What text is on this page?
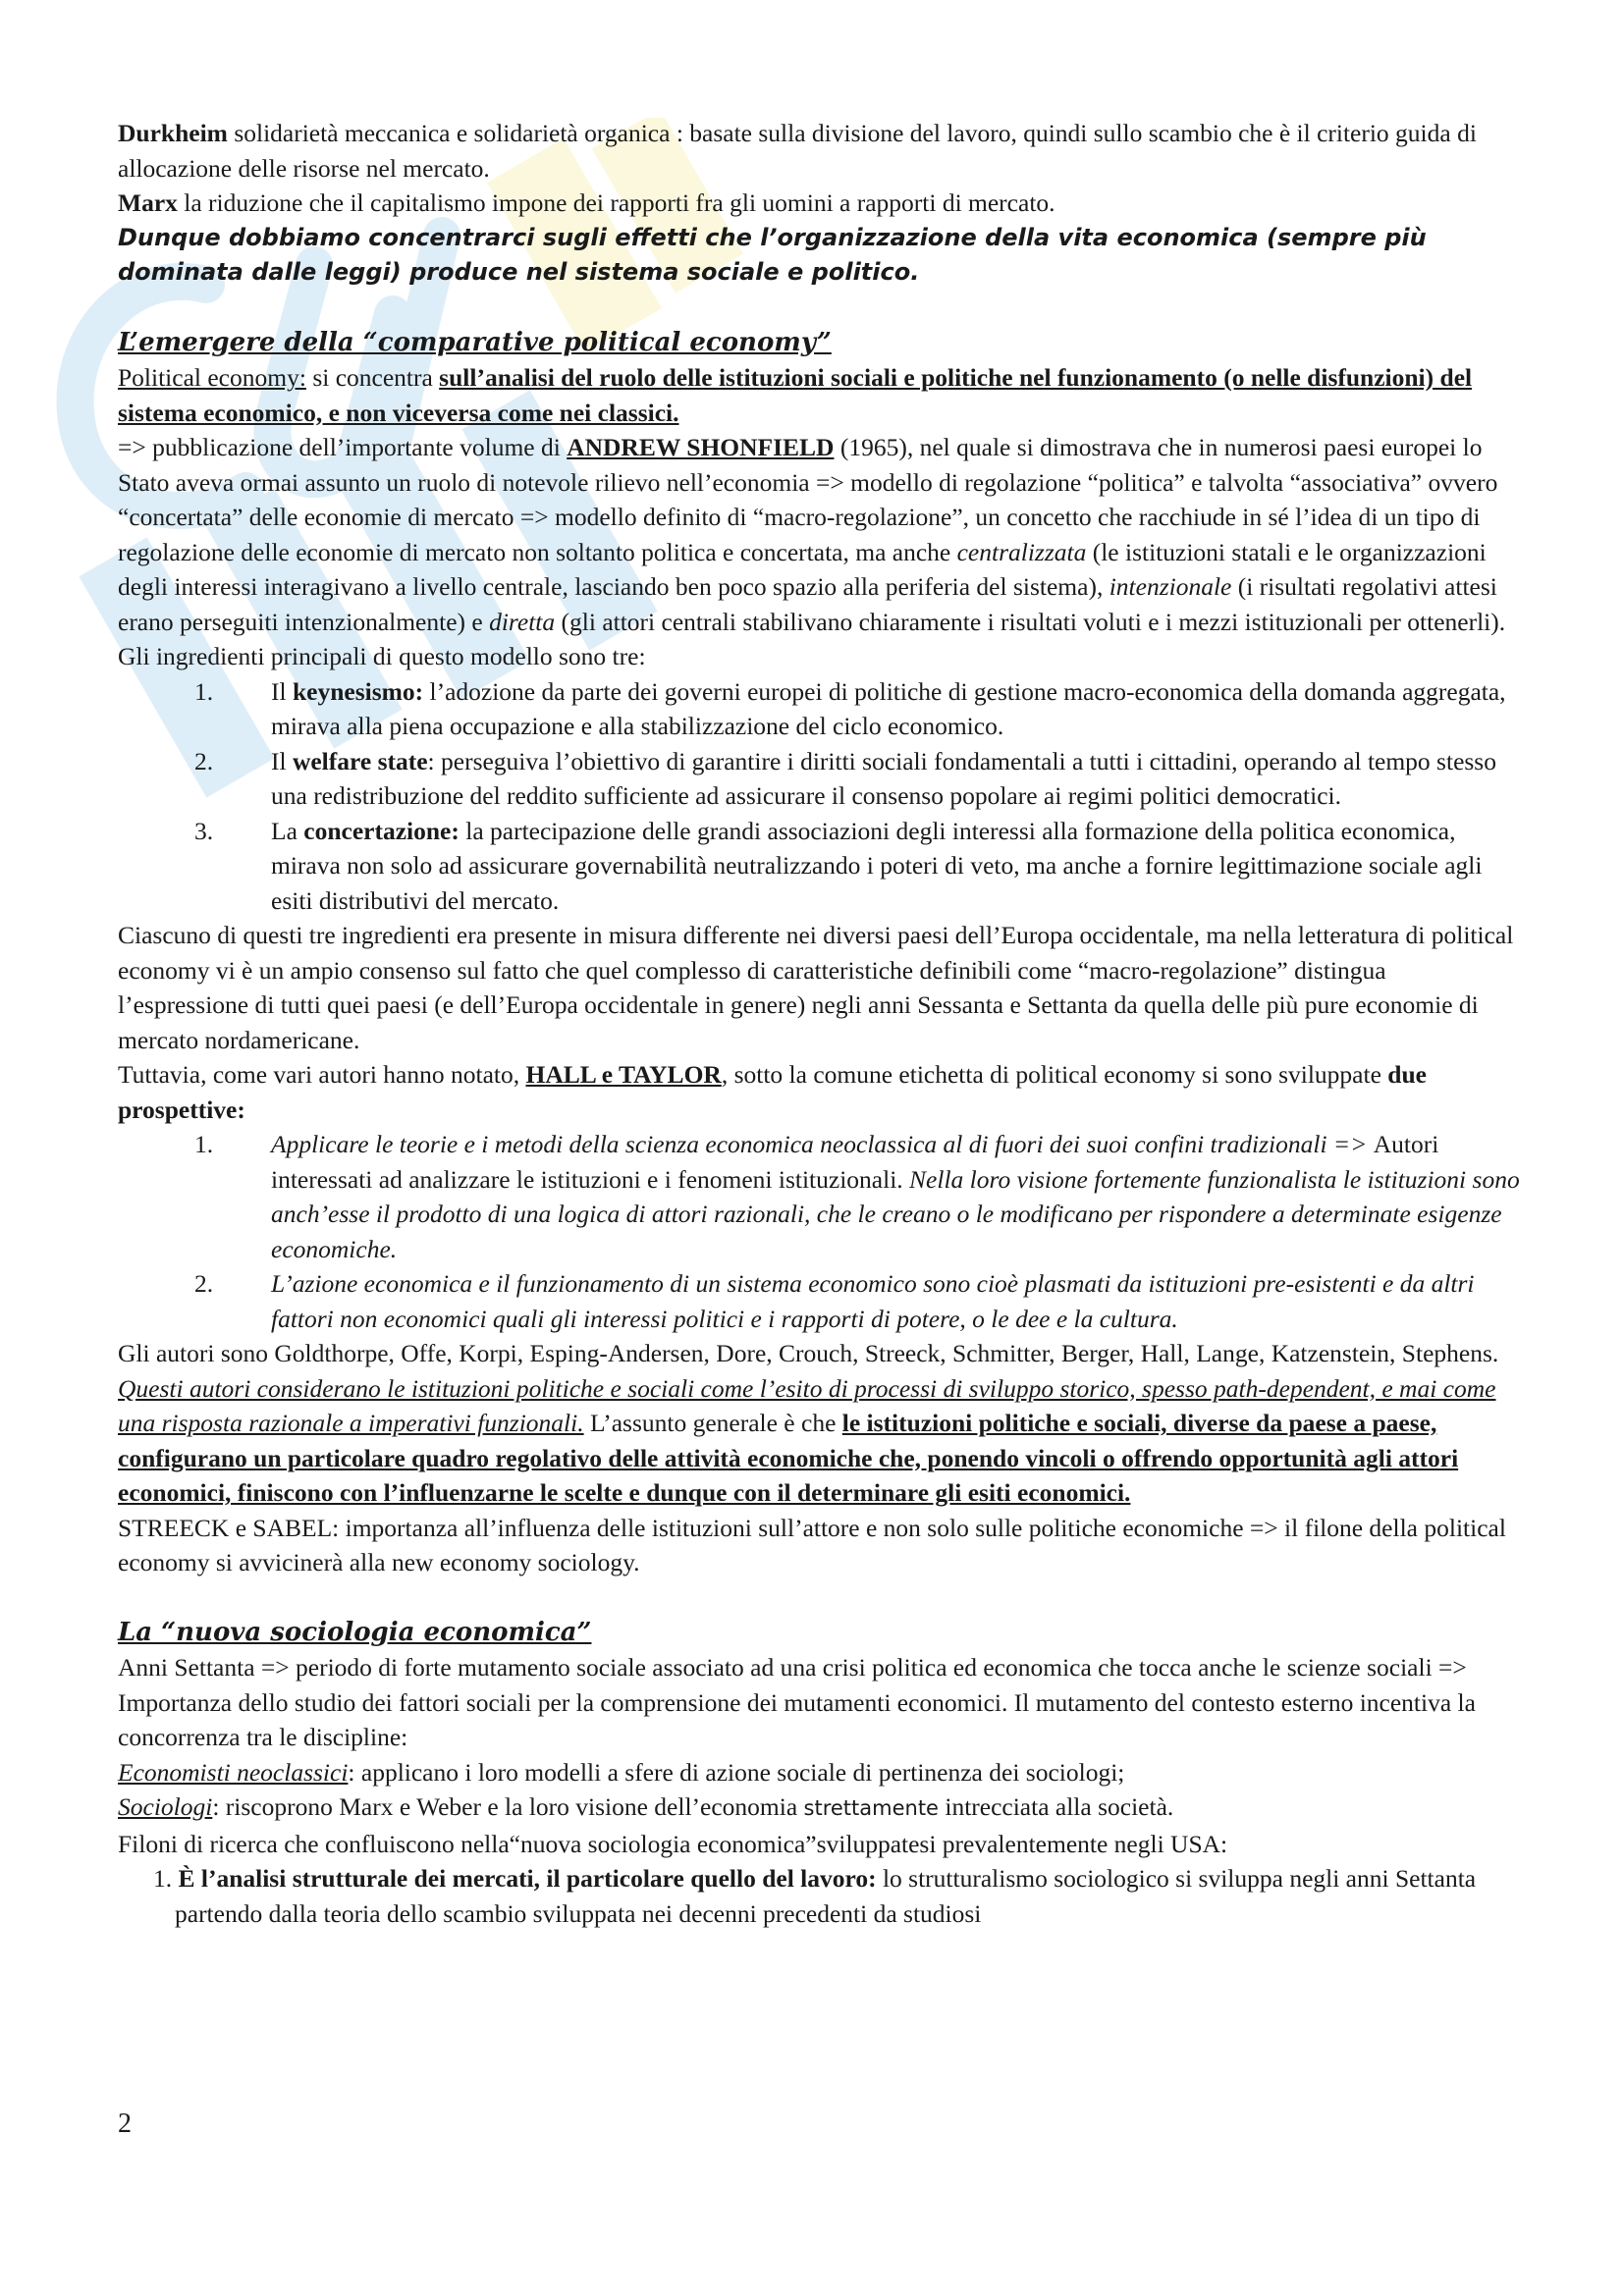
Durkheim solidarietà meccanica e solidarietà organica : basate sulla divisione del lavoro, quindi sullo scambio che è il criterio guida di allocazione delle risorse nel mercato.

Marx la riduzione che il capitalismo impone dei rapporti fra gli uomini a rapporti di mercato.

Dunque dobbiamo concentrarci sugli effetti che l’organizzazione della vita economica (sempre più dominata dalle leggi) produce nel sistema sociale e politico.

L’emergere della “comparative political economy”

Political economy: si concentra sull’analisi del ruolo delle istituzioni sociali e politiche nel funzionamento (o nelle disfunzioni) del sistema economico, e non viceversa come nei classici.

=> pubblicazione dell’importante volume di ANDREW SHONFIELD (1965), nel quale si dimostrava che in numerosi paesi europei lo Stato aveva ormai assunto un ruolo di notevole rilievo nell’economia => modello di regolazione “politica” e talvolta “associativa” ovvero “concertata” delle economie di mercato => modello definito di “macro-regolazione”, un concetto che racchiude in sé l’idea di un tipo di regolazione delle economie di mercato non soltanto politica e concertata, ma anche centralizzata (le istituzioni statali e le organizzazioni degli interessi interagivano a livello centrale, lasciando ben poco spazio alla periferia del sistema), intenzionale (i risultati regolativi attesi erano perseguiti intenzionalmente) e diretta (gli attori centrali stabilivano chiaramente i risultati voluti e i mezzi istituzionali per ottenerli).

Gli ingredienti principali di questo modello sono tre:

1.	Il keynesismo: l’adozione da parte dei governi europei di politiche di gestione macro-economica della domanda aggregata, mirava alla piena occupazione e alla stabilizzazione del ciclo economico.
2.	Il welfare state: perseguiva l’obiettivo di garantire i diritti sociali fondamentali a tutti i cittadini, operando al tempo stesso una redistribuzione del reddito sufficiente ad assicurare il consenso popolare ai regimi politici democratici.
3.	La concertazione: la partecipazione delle grandi associazioni degli interessi alla formazione della politica economica, mirava non solo ad assicurare governabilità neutralizzando i poteri di veto, ma anche a fornire legittimazione sociale agli esiti distributivi del mercato.

Ciascuno di questi tre ingredienti era presente in misura differente nei diversi paesi dell’Europa occidentale, ma nella letteratura di political economy vi è un ampio consenso sul fatto che quel complesso di caratteristiche definibili come “macro-regolazione” distingua l’espressione di tutti quei paesi (e dell’Europa occidentale in genere) negli anni Sessanta e Settanta da quella delle più pure economie di mercato nordamericane.

Tuttavia, come vari autori hanno notato, HALL e TAYLOR, sotto la comune etichetta di political economy si sono sviluppate due prospettive:

1.	Applicare le teorie e i metodi della scienza economica neoclassica al di fuori dei suoi confini tradizionali => Autori interessati ad analizzare le istituzioni e i fenomeni istituzionali. Nella loro visione fortemente funzionalista le istituzioni sono anch’esse il prodotto di una logica di attori razionali, che le creano o le modificano per rispondere a determinate esigenze economiche.
2.	L’azione economica e il funzionamento di un sistema economico sono cioè plasmati da istituzioni pre-esistenti e da altri fattori non economici quali gli interessi politici e i rapporti di potere, o le dee e la cultura.

Gli autori sono Goldthorpe, Offe, Korpi, Esping-Andersen, Dore, Crouch, Streeck, Schmitter, Berger, Hall, Lange, Katzenstein, Stephens. Questi autori considerano le istituzioni politiche e sociali come l’esito di processi di sviluppo storico, spesso path-dependent, e mai come una risposta razionale a imperativi funzionali. L’assunto generale è che le istituzioni politiche e sociali, diverse da paese a paese, configurano un particolare quadro regolativo delle attività economiche che, ponendo vincoli o offrendo opportunità agli attori economici, finiscono con l’influenzarne le scelte e dunque con il determinare gli esiti economici.

STREECK e SABEL: importanza all’influenza delle istituzioni sull’attore e non solo sulle politiche economiche => il filone della political economy si avvicinerà alla new economy sociology.

La “nuova sociologia economica”

Anni Settanta => periodo di forte mutamento sociale associato ad una crisi politica ed economica che tocca anche le scienze sociali => Importanza dello studio dei fattori sociali per la comprensione dei mutamenti economici. Il mutamento del contesto esterno incentiva la concorrenza tra le discipline:

Economisti neoclassici: applicano i loro modelli a sfere di azione sociale di pertinenza dei sociologi;

Sociologi: riscoprono Marx e Weber e la loro visione dell’economia strettamente intrecciata alla società.

Filoni di ricerca che confluiscono nella“nuova sociologia economica”sviluppatesi prevalentemente negli USA:

1. È l’analisi strutturale dei mercati, il particolare quello del lavoro: lo strutturalismo sociologico si sviluppa negli anni Settanta partendo dalla teoria dello scambio sviluppata nei decenni precedenti da studiosi

2
